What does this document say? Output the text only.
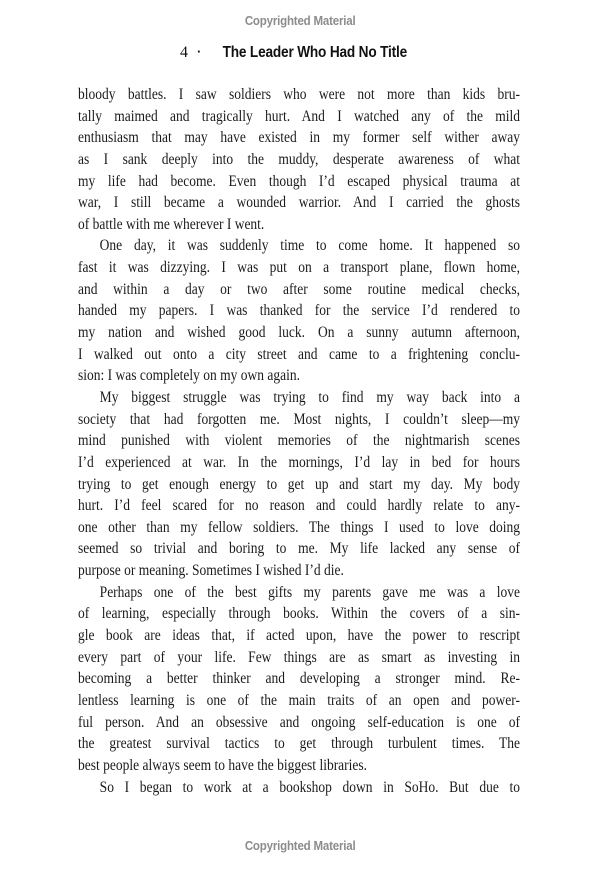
Copyrighted Material
4 · The Leader Who Had No Title
bloody battles. I saw soldiers who were not more than kids bru-
tally maimed and tragically hurt. And I watched any of the mild
enthusiasm that may have existed in my former self wither away
as I sank deeply into the muddy, desperate awareness of what
my life had become. Even though I’d escaped physical trauma at
war, I still became a wounded warrior. And I carried the ghosts
of battle with me wherever I went.
One day, it was suddenly time to come home. It happened so
fast it was dizzying. I was put on a transport plane, flown home,
and within a day or two after some routine medical checks,
handed my papers. I was thanked for the service I’d rendered to
my nation and wished good luck. On a sunny autumn afternoon,
I walked out onto a city street and came to a frightening conclu-
sion: I was completely on my own again.
My biggest struggle was trying to find my way back into a
society that had forgotten me. Most nights, I couldn’t sleep—my
mind punished with violent memories of the nightmarish scenes
I’d experienced at war. In the mornings, I’d lay in bed for hours
trying to get enough energy to get up and start my day. My body
hurt. I’d feel scared for no reason and could hardly relate to any-
one other than my fellow soldiers. The things I used to love doing
seemed so trivial and boring to me. My life lacked any sense of
purpose or meaning. Sometimes I wished I’d die.
Perhaps one of the best gifts my parents gave me was a love
of learning, especially through books. Within the covers of a sin-
gle book are ideas that, if acted upon, have the power to rescript
every part of your life. Few things are as smart as investing in
becoming a better thinker and developing a stronger mind. Re-
lentless learning is one of the main traits of an open and power-
ful person. And an obsessive and ongoing self-education is one of
the greatest survival tactics to get through turbulent times. The
best people always seem to have the biggest libraries.
So I began to work at a bookshop down in SoHo. But due to
Copyrighted Material
